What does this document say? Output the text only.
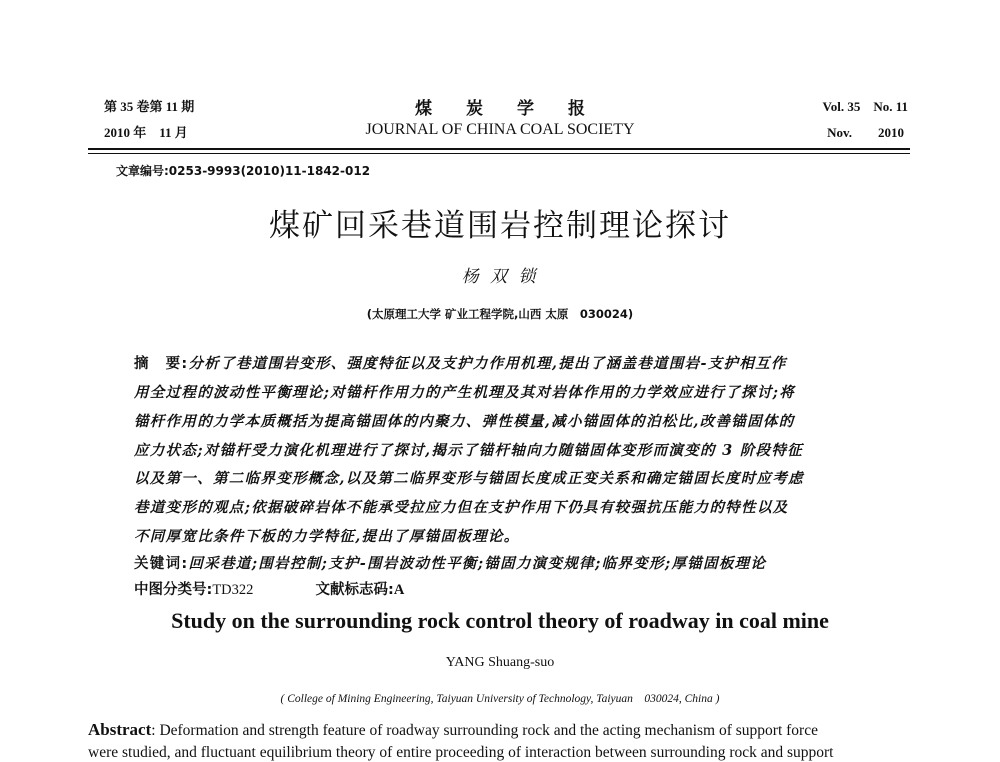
第 35 卷第 11 期
2010 年　11 月
煤　　炭　　学　　报
JOURNAL OF CHINA COAL SOCIETY
Vol. 35　No. 11
Nov.　　2010
文章编号:0253-9993(2010)11-1842-012
煤矿回采巷道围岩控制理论探讨
杨 双 锁
(太原理工大学 矿业工程学院,山西 太原　030024)
摘　要:分析了巷道围岩变形、强度特征以及支护力作用机理,提出了涵盖巷道围岩-支护相互作
用全过程的波动性平衡理论;对锚杆作用力的产生机理及其对岩体作用的力学效应进行了探讨;将
锚杆作用的力学本质概括为提高锚固体的内聚力、弹性模量,减小锚固体的泊松比,改善锚固体的
应力状态;对锚杆受力演化机理进行了探讨,揭示了锚杆轴向力随锚固体变形而演变的 3 阶段特征
以及第一、第二临界变形概念,以及第二临界变形与锚固长度成正变关系和确定锚固长度时应考虑
巷道变形的观点;依据破碎岩体不能承受拉应力但在支护作用下仍具有较强抗压能力的特性以及
不同厚宽比条件下板的力学特征,提出了厚锚固板理论。
关键词:回采巷道;围岩控制;支护-围岩波动性平衡;锚固力演变规律;临界变形;厚锚固板理论
中图分类号:TD322	文献标志码:A
Study on the surrounding rock control theory of roadway in coal mine
YANG Shuang-suo
( College of Mining Engineering, Taiyuan University of Technology, Taiyuan　030024, China )
Abstract: Deformation and strength feature of roadway surrounding rock and the acting mechanism of support force
were studied, and fluctuant equilibrium theory of entire proceeding of interaction between surrounding rock and support
